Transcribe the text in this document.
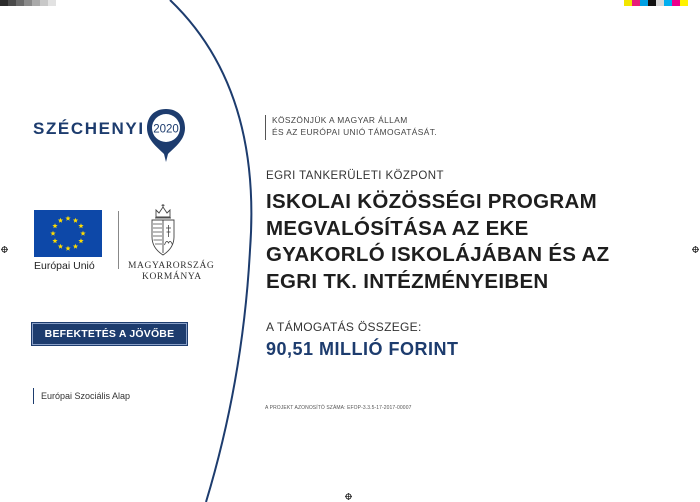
SZÉCHENYI 2020
Európai Unió	MAGYARORSZÁG
KORMÁNYA
BEFEKTETÉS A JÖVŐBE
Európai Szociális Alap
KÖSZÖNJÜK A MAGYAR ÁLLAM
ÉS AZ EURÓPAI UNIÓ TÁMOGATÁSÁT.
EGRI TANKERÜLETI KÖZPONT
ISKOLAI KÖZÖSSÉGI PROGRAM
MEGVALÓSÍTÁSA AZ EKE
GYAKORLÓ ISKOLÁJÁBAN ÉS AZ
EGRI TK. INTÉZMÉNYEIBEN
A TÁMOGATÁS ÖSSZEGE:
90,51 MILLIÓ FORINT
A PROJEKT AZONOSÍTÓ SZÁMA: EFOP-3.3.5-17-2017-00007
